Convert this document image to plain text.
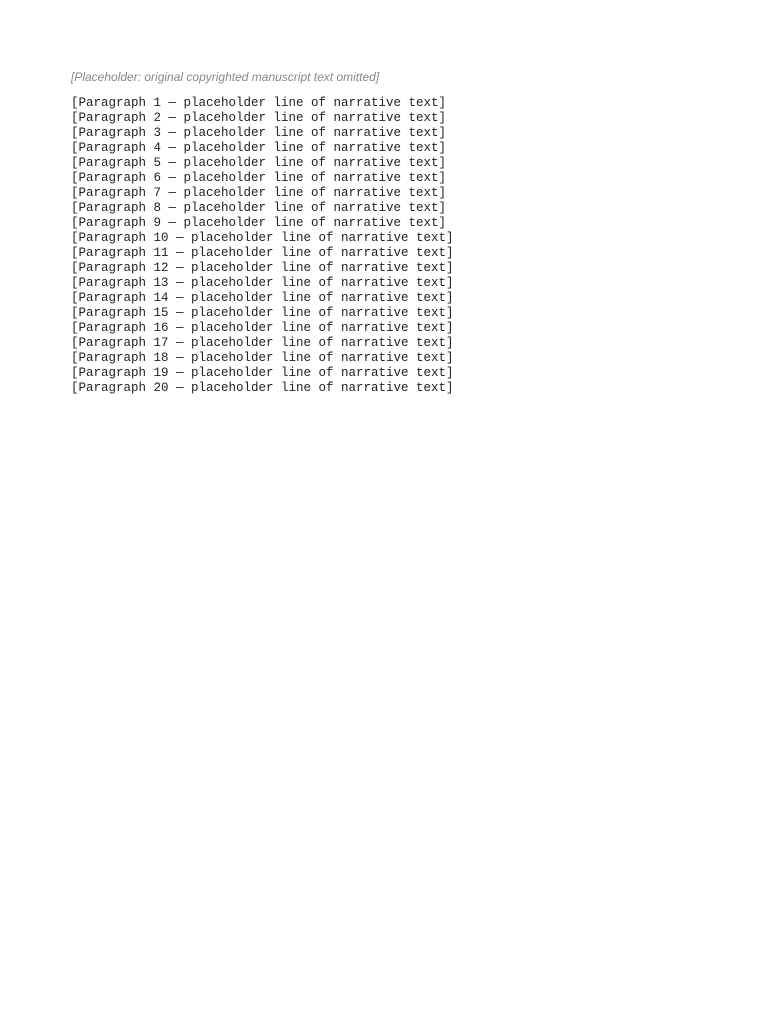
[Placeholder: original copyrighted manuscript text omitted]

[Paragraph 1 — placeholder line of narrative text]

[Paragraph 2 — placeholder line of narrative text]

[Paragraph 3 — placeholder line of narrative text]

[Paragraph 4 — placeholder line of narrative text]

[Paragraph 5 — placeholder line of narrative text]

[Paragraph 6 — placeholder line of narrative text]

[Paragraph 7 — placeholder line of narrative text]

[Paragraph 8 — placeholder line of narrative text]

[Paragraph 9 — placeholder line of narrative text]

[Paragraph 10 — placeholder line of narrative text]

[Paragraph 11 — placeholder line of narrative text]

[Paragraph 12 — placeholder line of narrative text]

[Paragraph 13 — placeholder line of narrative text]

[Paragraph 14 — placeholder line of narrative text]

[Paragraph 15 — placeholder line of narrative text]

[Paragraph 16 — placeholder line of narrative text]

[Paragraph 17 — placeholder line of narrative text]

[Paragraph 18 — placeholder line of narrative text]

[Paragraph 19 — placeholder line of narrative text]

[Paragraph 20 — placeholder line of narrative text]
